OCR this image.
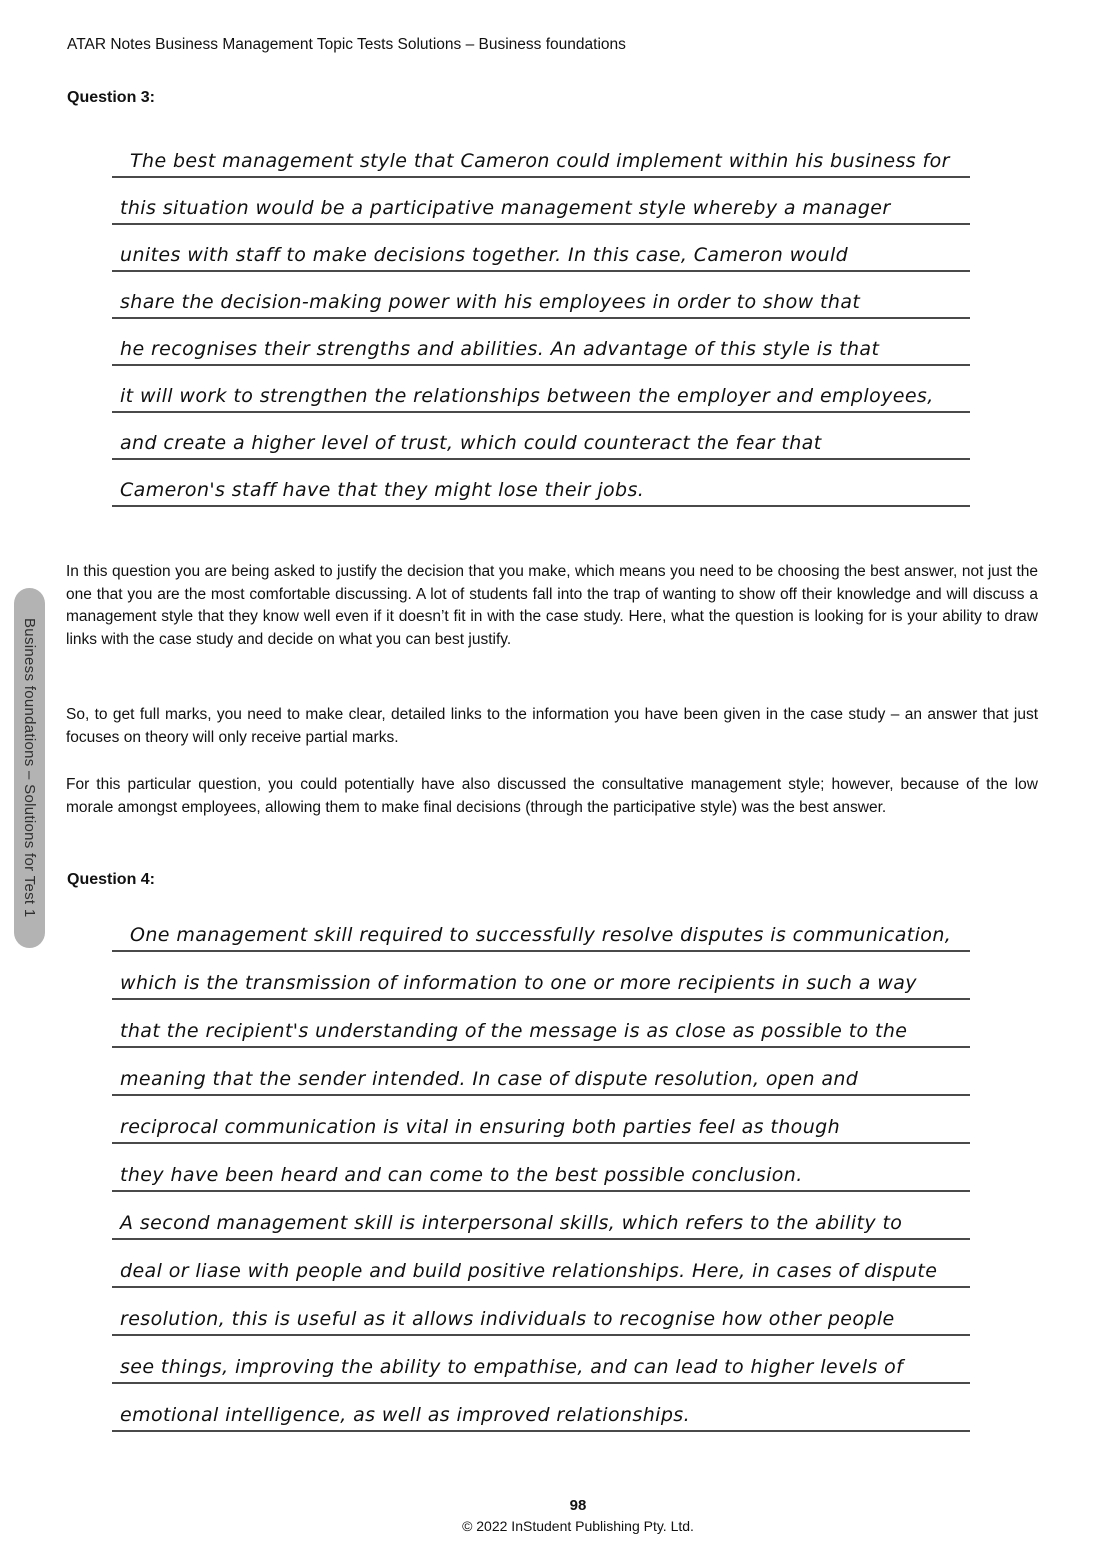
ATAR Notes Business Management Topic Tests Solutions – Business foundations
Question 3:
The best management style that Cameron could implement within his business for
this situation would be a participative management style whereby a manager
unites with staff to make decisions together. In this case, Cameron would
share the decision-making power with his employees in order to show that
he recognises their strengths and abilities. An advantage of this style is that
it will work to strengthen the relationships between the employer and employees,
and create a higher level of trust, which could counteract the fear that
Cameron's staff have that they might lose their jobs.

In this question you are being asked to justify the decision that you make, which means you need to be choosing the best answer, not just the one that you are the most comfortable discussing. A lot of students fall into the trap of wanting to show off their knowledge and will discuss a management style that they know well even if it doesn’t fit in with the case study. Here, what the question is looking for is your ability to draw links with the case study and decide on what you can best justify.

So, to get full marks, you need to make clear, detailed links to the information you have been given in the case study – an answer that just focuses on theory will only receive partial marks.

For this particular question, you could potentially have also discussed the consultative management style; however, because of the low morale amongst employees, allowing them to make final decisions (through the participative style) was the best answer.

Question 4:
One management skill required to successfully resolve disputes is communication,
which is the transmission of information to one or more recipients in such a way
that the recipient's understanding of the message is as close as possible to the
meaning that the sender intended. In case of dispute resolution, open and
reciprocal communication is vital in ensuring both parties feel as though
they have been heard and can come to the best possible conclusion.
A second management skill is interpersonal skills, which refers to the ability to
deal or liase with people and build positive relationships. Here, in cases of dispute
resolution, this is useful as it allows individuals to recognise how other people
see things, improving the ability to empathise, and can lead to higher levels of
emotional intelligence, as well as improved relationships.
Business foundations – Solutions for Test 1
98
© 2022 InStudent Publishing Pty. Ltd.
